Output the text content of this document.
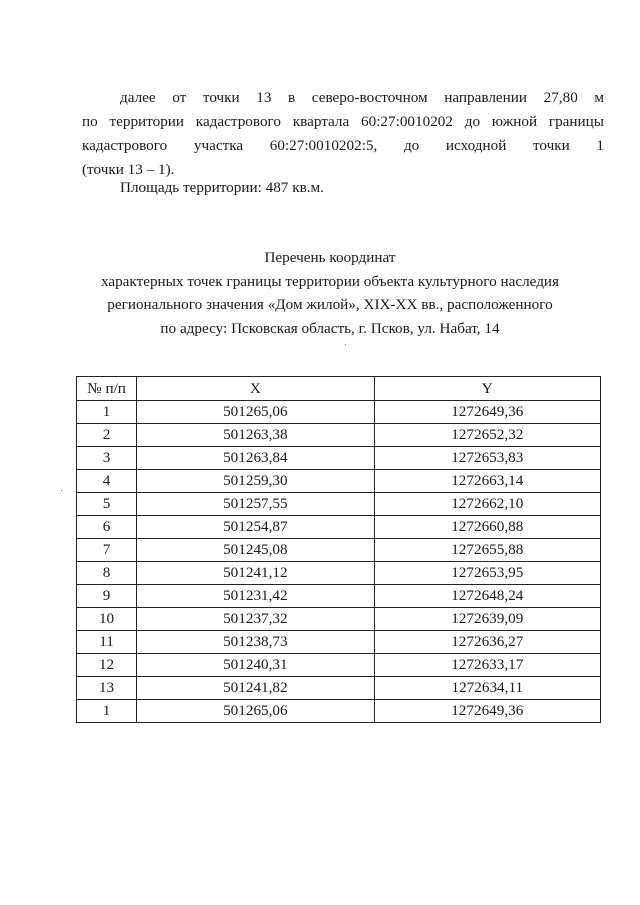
далее от точки 13 в северо-восточном направлении 27,80 м
по территории кадастрового квартала 60:27:0010202 до южной границы
кадастрового участка 60:27:0010202:5, до исходной точки 1
(точки 13 – 1).
Площадь территории: 487 кв.м.
Перечень координат
характерных точек границы территории объекта культурного наследия
регионального значения «Дом жилой», XIX-XX вв., расположенного
по адресу: Псковская область, г. Псков, ул. Набат, 14
№ п/п	X	Y
1	501265,06	1272649,36
2	501263,38	1272652,32
3	501263,84	1272653,83
4	501259,30	1272663,14
5	501257,55	1272662,10
6	501254,87	1272660,88
7	501245,08	1272655,88
8	501241,12	1272653,95
9	501231,42	1272648,24
10	501237,32	1272639,09
11	501238,73	1272636,27
12	501240,31	1272633,17
13	501241,82	1272634,11
1	501265,06	1272649,36
